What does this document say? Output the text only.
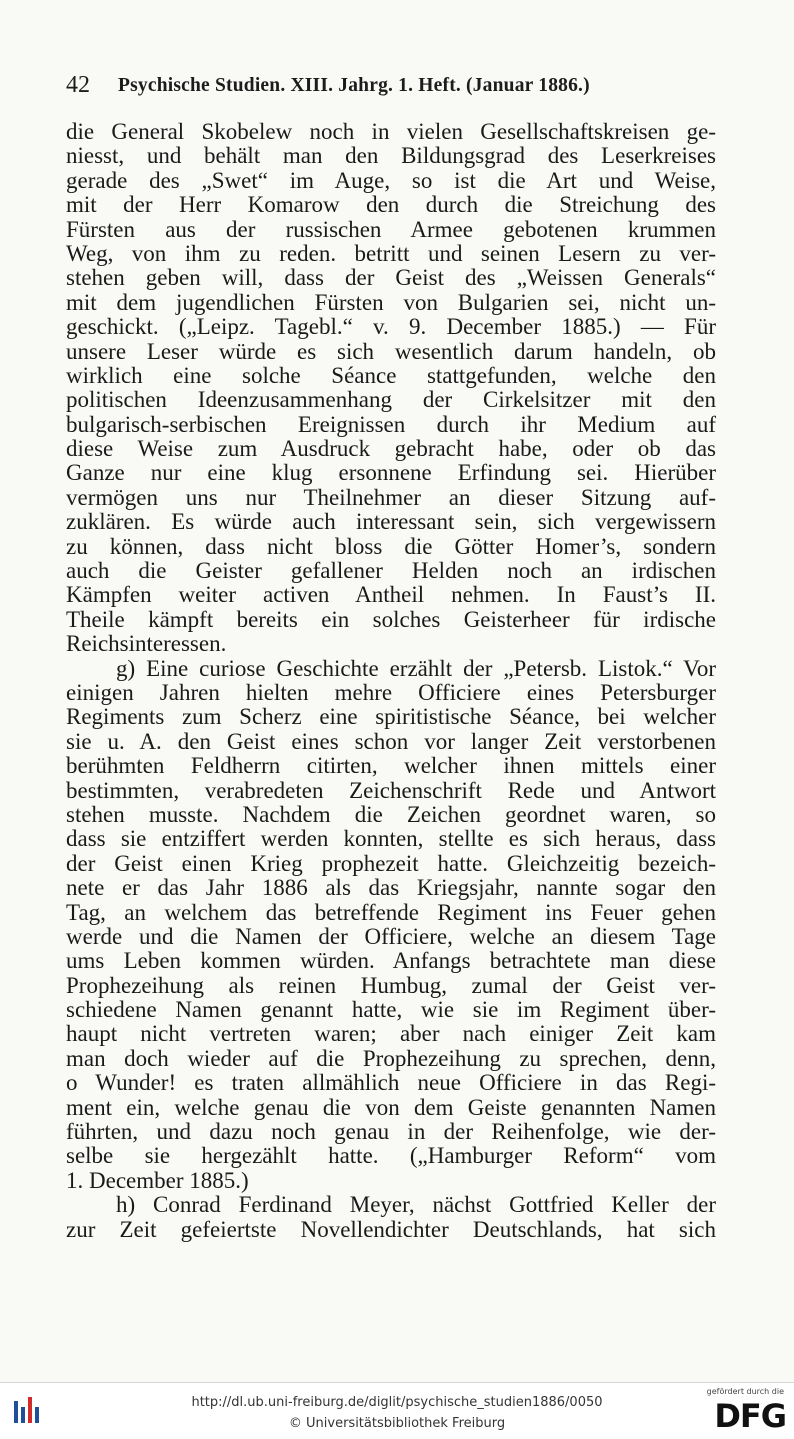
42 Psychische Studien. XIII. Jahrg. 1. Heft. (Januar 1886.)
die General Skobelew noch in vielen Gesellschaftskreisen ge-
niesst, und behält man den Bildungsgrad des Leserkreises
gerade des „Swet“ im Auge, so ist die Art und Weise,
mit der Herr Komarow den durch die Streichung des
Fürsten aus der russischen Armee gebotenen krummen
Weg, von ihm zu reden. betritt und seinen Lesern zu ver-
stehen geben will, dass der Geist des „Weissen Generals“
mit dem jugendlichen Fürsten von Bulgarien sei, nicht un-
geschickt. („Leipz. Tagebl.“ v. 9. December 1885.) — Für
unsere Leser würde es sich wesentlich darum handeln, ob
wirklich eine solche Séance stattgefunden, welche den
politischen Ideenzusammenhang der Cirkelsitzer mit den
bulgarisch-serbischen Ereignissen durch ihr Medium auf
diese Weise zum Ausdruck gebracht habe, oder ob das
Ganze nur eine klug ersonnene Erfindung sei. Hierüber
vermögen uns nur Theilnehmer an dieser Sitzung auf-
zuklären. Es würde auch interessant sein, sich vergewissern
zu können, dass nicht bloss die Götter Homer’s, sondern
auch die Geister gefallener Helden noch an irdischen
Kämpfen weiter activen Antheil nehmen. In Faust’s II.
Theile kämpft bereits ein solches Geisterheer für irdische
Reichsinteressen.
g) Eine curiose Geschichte erzählt der „Petersb. Listok.“ Vor
einigen Jahren hielten mehre Officiere eines Petersburger
Regiments zum Scherz eine spiritistische Séance, bei welcher
sie u. A. den Geist eines schon vor langer Zeit verstorbenen
berühmten Feldherrn citirten, welcher ihnen mittels einer
bestimmten, verabredeten Zeichenschrift Rede und Antwort
stehen musste. Nachdem die Zeichen geordnet waren, so
dass sie entziffert werden konnten, stellte es sich heraus, dass
der Geist einen Krieg prophezeit hatte. Gleichzeitig bezeich-
nete er das Jahr 1886 als das Kriegsjahr, nannte sogar den
Tag, an welchem das betreffende Regiment ins Feuer gehen
werde und die Namen der Officiere, welche an diesem Tage
ums Leben kommen würden. Anfangs betrachtete man diese
Prophezeihung als reinen Humbug, zumal der Geist ver-
schiedene Namen genannt hatte, wie sie im Regiment über-
haupt nicht vertreten waren; aber nach einiger Zeit kam
man doch wieder auf die Prophezeihung zu sprechen, denn,
o Wunder! es traten allmählich neue Officiere in das Regi-
ment ein, welche genau die von dem Geiste genannten Namen
führten, und dazu noch genau in der Reihenfolge, wie der-
selbe sie hergezählt hatte. („Hamburger Reform“ vom
1. December 1885.)
h) Conrad Ferdinand Meyer, nächst Gottfried Keller der
zur Zeit gefeiertste Novellendichter Deutschlands, hat sich
http://dl.ub.uni-freiburg.de/diglit/psychische_studien1886/0050
© Universitätsbibliothek Freiburg
gefördert durch die
DFG
